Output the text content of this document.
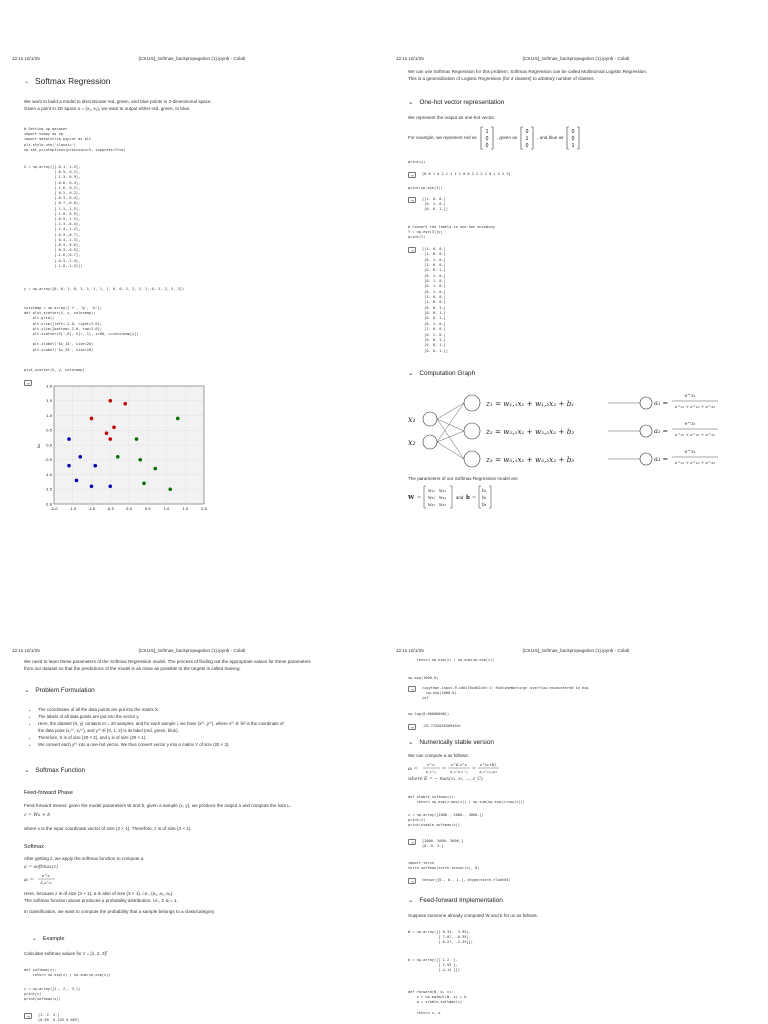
12:11 16/1/25	[CS115]_softmax_backpropagation (1).ipynb - Colab
⌄ Softmax Regression
We want to build a model to discriminate red, green, and blue points in 2-dimensional space.
Given a point in 2D space x = (x₁, x₂), we want to output either red, green, or blue.
# Setting up dataset
import numpy as np
import matplotlib.pyplot as plt
plt.style.use('classic')
np.set_printoptions(precision=3, suppress=True)
X = np.array([[-0.1, 1.4],
[-0.5, 0.2],
[ 1.3, 0.9],
[-0.6, 0.4],
[-1.6, 0.2],
[ 0.2, 0.2],
[-0.3,-0.4],
[ 0.7,-0.8],
[ 1.1,-1.5],
[-1.0, 0.9],
[-0.5, 1.5],
[-1.3,-0.4],
[-1.4,-1.2],
[-0.9,-0.7],
[ 0.4,-1.3],
[-0.4, 0.6],
[ 0.3,-0.5],
[-1.6,-0.7],
[-0.5,-1.4],
[-1.0,-1.4]])
y = np.array([0, 0, 1, 0, 2, 1, 1, 1, 1, 0, 0, 2, 2, 2, 1, 0, 1, 2, 2, 2])
colormap = np.array(['r', 'g', 'b'])
def plot_scatter(X, y, colormap):
plt.grid()
plt.xlim([left=-2.0, right=2.0])
plt.ylim([bottom=-2.0, top=2.0])
plt.scatter(X[:,0], X[:, 1], s=80, c=colormap[y])

plt.xlabel('$x_1$', size=20)
plt.ylabel('$x_2$', size=20)
plot_scatter(X, y, colormap)
⇥
-2.0	-1.5	-1.0	-0.5	0.0	0.5	1.0	1.5	2.0
2.0
1.5
1.0
0.5
0.0
-0.5
-1.0
-1.5
-2.0
x₂
12:11 16/1/25	[CS115]_softmax_backpropagation (1).ipynb - Colab
We can use Softmax Regression for this problem. Softmax Regression can be called Multinomial Logistic Regression.
This is a generalization of Logistic Regression (for 2 classes) to arbitrary number of classes.
⌄ One-hot vector representation
We represent the output as one-hot vector.
For example, we represent red as
1
0
0
, green as
0
1
0
, and blue as
0
0
1
print(y)
⇥	[0 0 1 0 2 1 1 1 1 0 0 2 2 2 1 0 1 2 2 2]
print(np.eye(3))
⇥	[[1. 0. 0.]
[0. 1. 0.]
[0. 0. 1.]]
# Convert the labels to one-hot encoding
Y = np.eye(3)[y]
print(Y)
⇥	[[1. 0. 0.]
[1. 0. 0.]
[0. 1. 0.]
[1. 0. 0.]
[0. 0. 1.]
[0. 1. 0.]
[0. 1. 0.]
[0. 1. 0.]
[0. 1. 0.]
[1. 0. 0.]
[1. 0. 0.]
[0. 0. 1.]
[0. 0. 1.]
[0. 0. 1.]
[0. 1. 0.]
[1. 0. 0.]
[0. 1. 0.]
[0. 0. 1.]
[0. 0. 1.]
[0. 0. 1.]]
⌄ Computation Graph
x₁
x₂
z₁ = w₁,₁x₁ + w₁,₂x₂ + b₁
z₂ = w₂,₁x₁ + w₂,₂x₂ + b₂
z₃ = w₃,₁x₁ + w₃,₂x₂ + b₃
a₁ =
e^z₁
e^z₁ + e^z₂ + e^z₃
a₂ =
e^z₂
e^z₁ + e^z₂ + e^z₃
a₃ =
e^z₃
e^z₁ + e^z₂ + e^z₃
The parameters of our Softmax Regression model are
W =
w₁₁ w₁₂
w₂₁ w₂₂
w₃₁ w₃₂
and b =
b₁
b₂
b₃
12:11 16/1/25	[CS115]_softmax_backpropagation (1).ipynb - Colab
We need to learn these parameters of the Softmax Regression model. The process of finding out the appropriate values for these parameters
from our dataset so that the predictions of the model is as close as possible to the targets is called training.
⌄ Problem Formulation
• The coordinates of all the data points are put into the matrix X.
• The labels of all data points are put into the vector y.
• Here, the dataset (X, y) contains m = 20 samples, and for each sample i, we have (x⁽ⁱ⁾, y⁽ⁱ⁾), where x⁽ⁱ⁾ ∈ ℝ² is the coordinate of
the data point (x₁⁽ⁱ⁾, x₂⁽ⁱ⁾), and y⁽ⁱ⁾ ∈ {0, 1, 2} is its label (red, green, blue).
• Therefore, X is of size (20 × 2), and y is of size (20 × 1).
• We convert each y⁽ⁱ⁾ into a one-hot vector. We thus convert vector y into a matrix Y of size (20 × 3).
⌄ Softmax Function
Feed-forward Phase
Feed-forward means: given the model parameters W and b, given a sample (x, y), we produce the output a and compute the loss L.
z = Wx + b
where x is the input coordinate vector of size (2 × 1). Therefore, z is of size (3 × 1).
Softmax
After getting z, we apply the softmax function to compute a.
a = softmax(z)
aᵢ =
e^zᵢ
Σⱼ e^zⱼ
Here, because z is of size (3 × 1), a is also of size (3 × 1), i.e., (a₁, a₂, a₃).
The softmax function above produces a probability distribution, i.e., Σ aᵢ = 1.
In classification, we want to compute the probability that a sample belongs to a class/category.
⌄ Example
Calculate softmax values for z = [1, 2, 3]ᵀ
def softmax(z):
return np.exp(z) / np.sum(np.exp(z))
z = np.array([1., 2., 3.])
print(z)
print(softmax(z))
⇥	[1. 2. 3.]
[0.09  0.245 0.665]
12:11 16/1/25	[CS115]_softmax_backpropagation (1).ipynb - Colab
return np.exp(z) / np.sum(np.exp(z))
np.exp(1000.0)
⇥	<ipython-input-9-cd6c76ca62c6>:1: RuntimeWarning: overflow encountered in exp
np.exp(1000.0)
inf
np.log(0.000000001)
⇥	-20.72326583694641
⌄ Numerically stable version
We can compute a as follows:
aᵢ =
e^zᵢ
Σⱼ e^zⱼ =
e^K e^zᵢ
Σⱼ e^K e^zⱼ =
e^(zᵢ+K)
Σⱼ e^(zⱼ+K)
where K = − max(z₁, z₂, ..., z_C)
def stable_softmax(z):
return np.exp(z-max(z)) / np.sum(np.exp(z-max(z)))
z = np.array([1000., 2000., 3000.])
print(z)
print(stable_softmax(z))
⇥	[1000. 2000. 3000.]
[0. 0. 1.]
import torch
torch.softmax(torch.tensor(z), 0)
⇥	tensor([0., 0., 1.], dtype=torch.float64)
⌄ Feed-forward Implementation
Suppose someone already computed W and b for us as follows.
W = np.array([[ 0.31,  3.95],
[ 7.07, -0.35],
[-6.27, -2.33]])
b = np.array([[ 1.2  ],
[ 2.93 ],
[-4.14 ]])
def forward(W, b, x):
z = np.matmul(W, x) + b
a = stable_softmax(z)

return z, a
